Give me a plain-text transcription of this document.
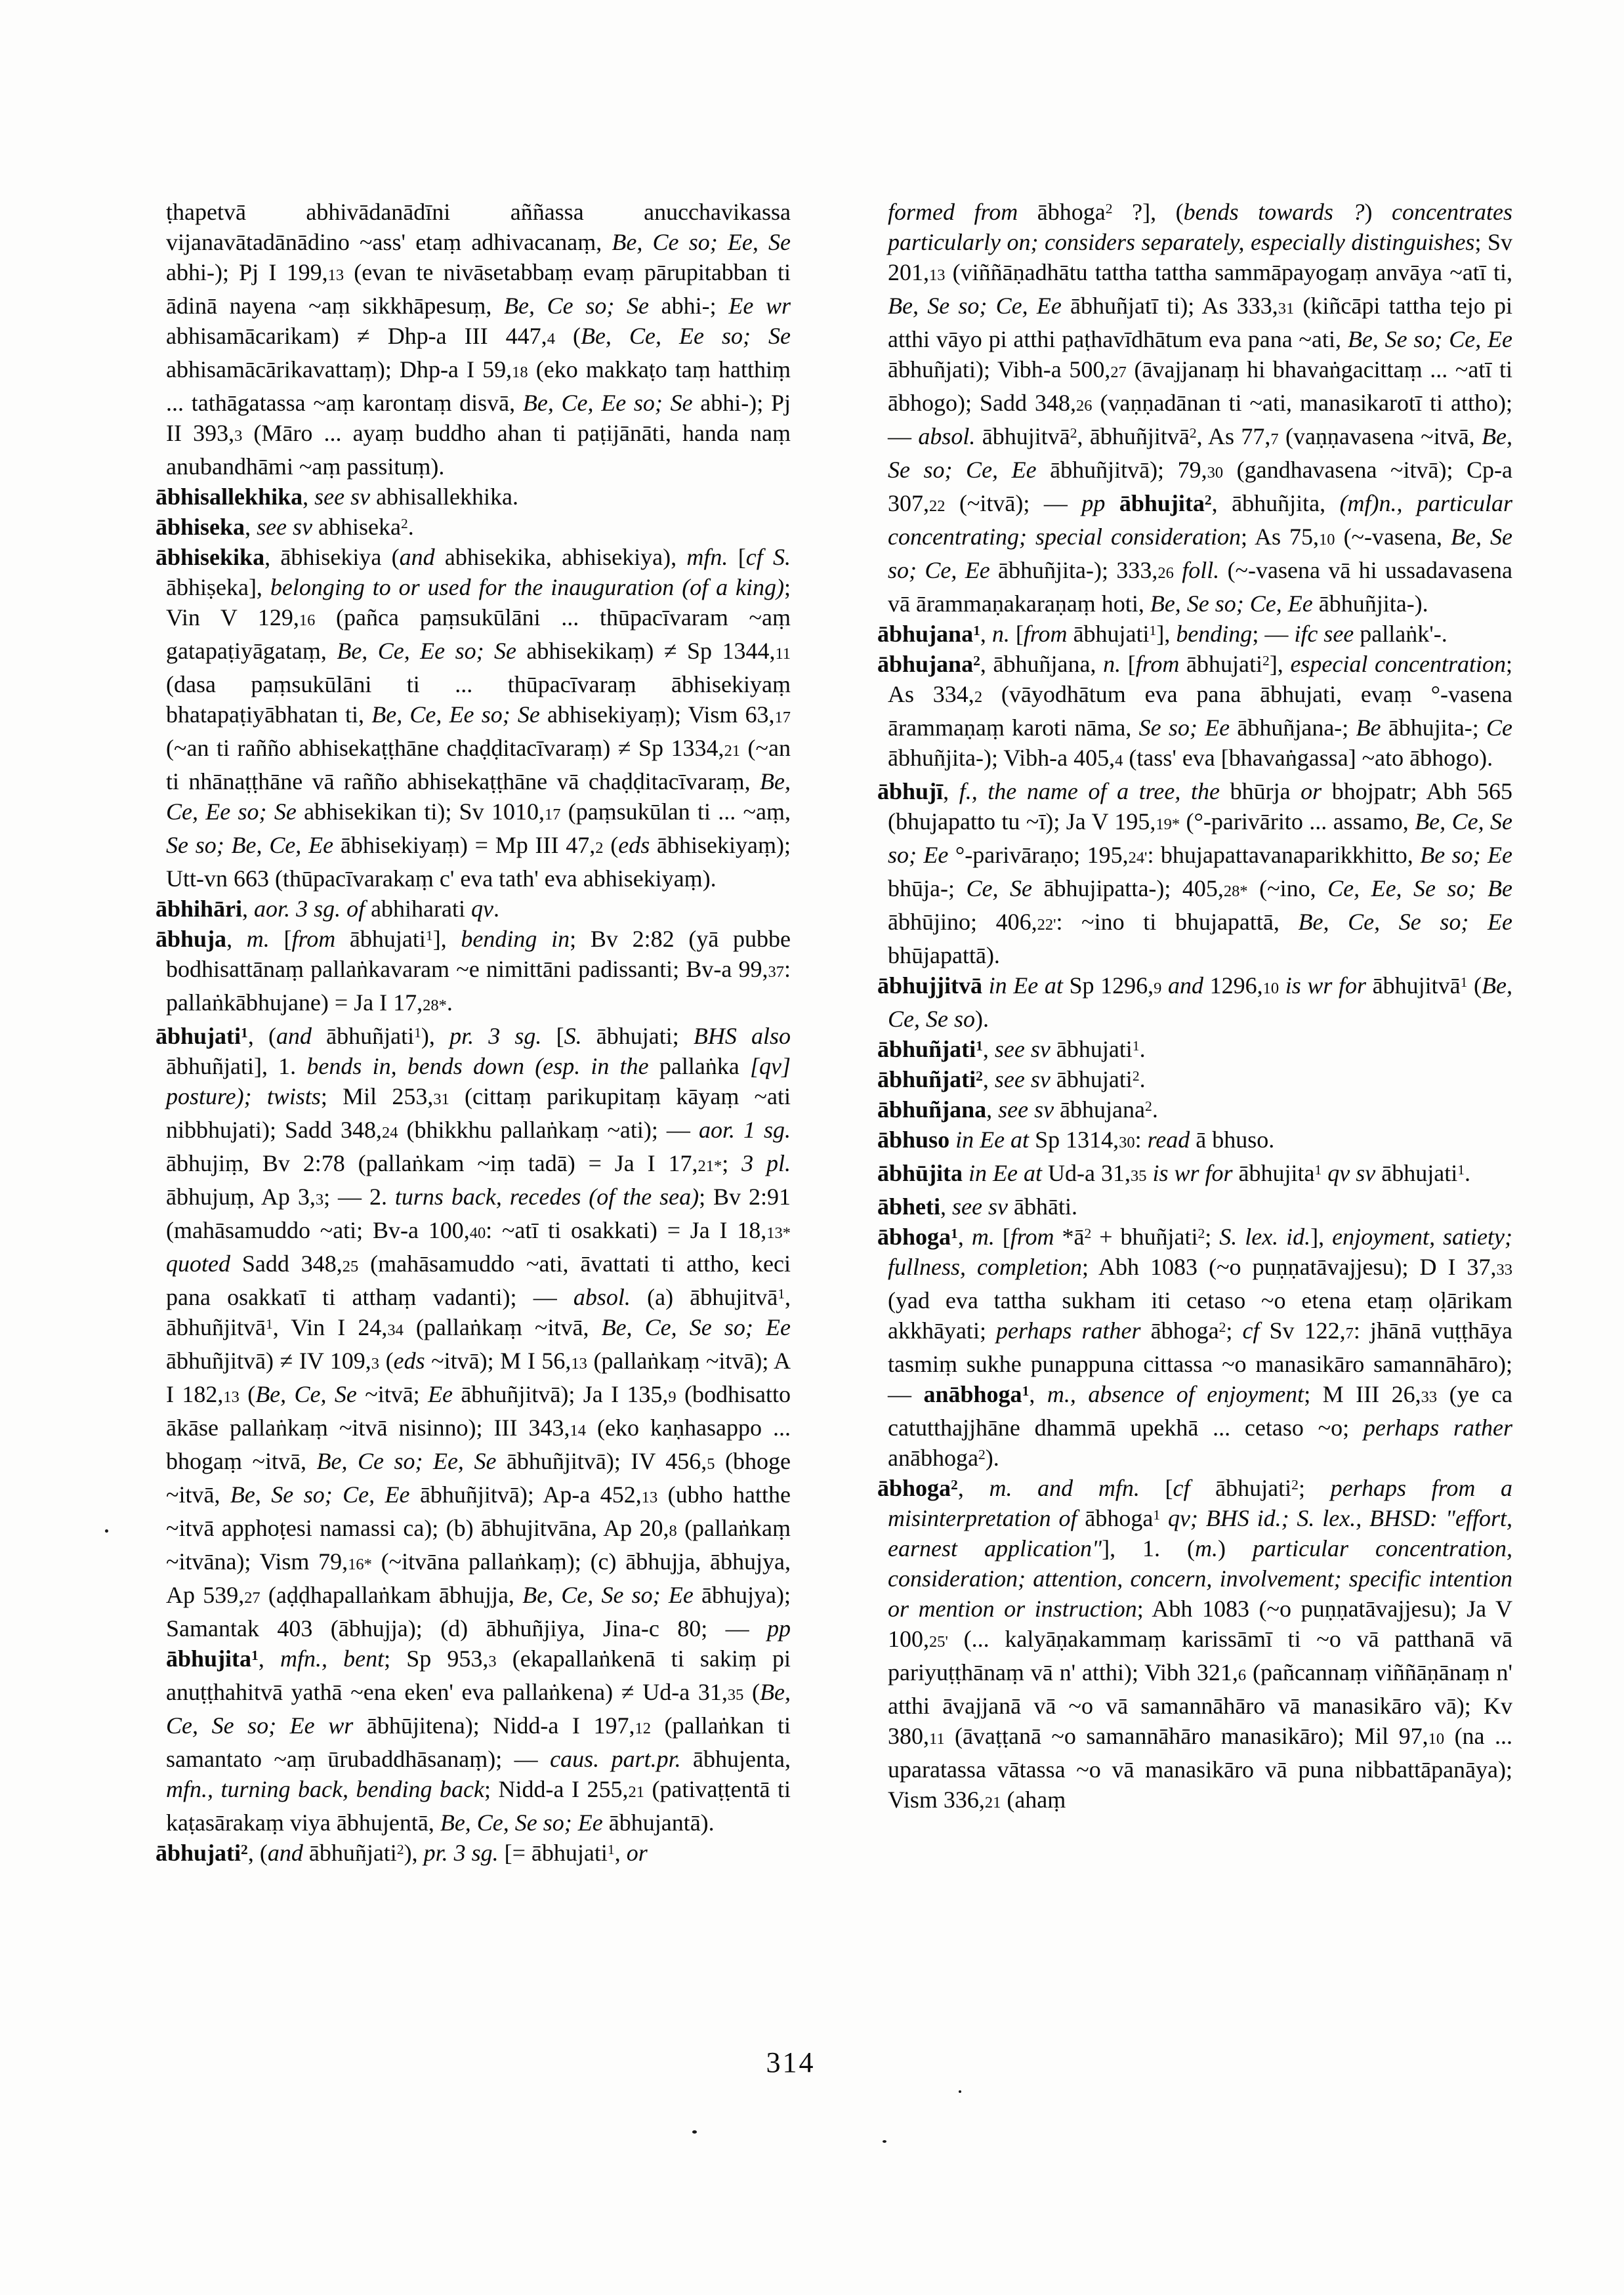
ṭhapetvā abhivādanādīni aññassa anucchavikassa vijanavātadānādino ~ass' etaṃ adhivacanaṃ, Be, Ce so; Ee, Se abhi-); Pj I 199,13 (evan te nivāsetabbaṃ evaṃ pārupitabban ti ādinā nayena ~aṃ sikkhāpesuṃ, Be, Ce so; Se abhi-; Ee wr abhisamācarikam) ≠ Dhp-a III 447,4 (Be, Ce, Ee so; Se abhisamācārikavattaṃ); Dhp-a I 59,18 (eko makkaṭo taṃ hatthiṃ ... tathāgatassa ~aṃ karontaṃ disvā, Be, Ce, Ee so; Se abhi-); Pj II 393,3 (Māro ... ayaṃ buddho ahan ti paṭijānāti, handa naṃ anubandhāmi ~aṃ passituṃ).

ābhisallekhika, see sv abhisallekhika.

ābhiseka, see sv abhiseka$^2$.

ābhisekika, ābhisekiya (and abhisekika, abhisekiya), mfn. [cf S. ābhiṣeka], belonging to or used for the inauguration (of a king); Vin V 129,16 (pañca paṃsukūlāni ... thūpacīvaram ~aṃ gatapaṭiyāgataṃ, Be, Ce, Ee so; Se abhisekikaṃ) ≠ Sp 1344,11 (dasa paṃsukūlāni ti ... thūpacīvaraṃ ābhisekiyaṃ bhatapaṭiyābhatan ti, Be, Ce, Ee so; Se abhisekiyaṃ); Vism 63,17 (~an ti rañño abhisekaṭṭhāne chaḍḍitacīvaraṃ) ≠ Sp 1334,21 (~an ti nhānaṭṭhāne vā rañño abhisekaṭṭhāne vā chaḍḍitacīvaraṃ, Be, Ce, Ee so; Se abhisekikan ti); Sv 1010,17 (paṃsukūlan ti ... ~aṃ, Se so; Be, Ce, Ee ābhisekiyaṃ) = Mp III 47,2 (eds ābhisekiyaṃ); Utt-vn 663 (thūpacīvarakaṃ c' eva tath' eva abhisekiyaṃ).

ābhihāri, aor. 3 sg. of abhiharati qv.

ābhuja, m. [from ābhujati$^1$], bending in; Bv 2:82 (yā pubbe bodhisattānaṃ pallaṅkavaram ~e nimittāni padissanti; Bv-a 99,37: pallaṅkābhujane) = Ja I 17,28*.

ābhujati$^1$, (and ābhuñjati$^1$), pr. 3 sg. [S. ābhujati; BHS also ābhuñjati], 1. bends in, bends down (esp. in the pallaṅka [qv] posture); twists; Mil 253,31 (cittaṃ parikupitaṃ kāyaṃ ~ati nibbhujati); Sadd 348,24 (bhikkhu pallaṅkaṃ ~ati); — aor. 1 sg. ābhujiṃ, Bv 2:78 (pallaṅkam ~iṃ tadā) = Ja I 17,21*; 3 pl. ābhujuṃ, Ap 3,3; — 2. turns back, recedes (of the sea); Bv 2:91 (mahāsamuddo ~ati; Bv-a 100,40: ~atī ti osakkati) = Ja I 18,13* quoted Sadd 348,25 (mahāsamuddo ~ati, āvattati ti attho, keci pana osakkatī ti atthaṃ vadanti); — absol. (a) ābhujitvā$^1$, ābhuñjitvā$^1$, Vin I 24,34 (pallaṅkaṃ ~itvā, Be, Ce, Se so; Ee ābhuñjitvā) ≠ IV 109,3 (eds ~itvā); M I 56,13 (pallaṅkaṃ ~itvā); A I 182,13 (Be, Ce, Se ~itvā; Ee ābhuñjitvā); Ja I 135,9 (bodhisatto ākāse pallaṅkaṃ ~itvā nisinno); III 343,14 (eko kaṇhasappo ... bhogaṃ ~itvā, Be, Ce so; Ee, Se ābhuñjitvā); IV 456,5 (bhoge ~itvā, Be, Se so; Ce, Ee ābhuñjitvā); Ap-a 452,13 (ubho hatthe ~itvā apphoṭesi namassi ca); (b) ābhujitvāna, Ap 20,8 (pallaṅkaṃ ~itvāna); Vism 79,16* (~itvāna pallaṅkaṃ); (c) ābhujja, ābhujya, Ap 539,27 (aḍḍhapallaṅkam ābhujja, Be, Ce, Se so; Ee ābhujya); Samantak 403 (ābhujja); (d) ābhuñjiya, Jina-c 80; — pp ābhujita$^1$, mfn., bent; Sp 953,3 (ekapallaṅkenā ti sakiṃ pi anuṭṭhahitvā yathā ~ena eken' eva pallaṅkena) ≠ Ud-a 31,35 (Be, Ce, Se so; Ee wr ābhūjitena); Nidd-a I 197,12 (pallaṅkan ti samantato ~aṃ ūrubaddhāsanaṃ); — caus. part.pr. ābhujenta, mfn., turning back, bending back; Nidd-a I 255,21 (pativaṭṭentā ti kaṭasārakaṃ viya ābhujentā, Be, Ce, Se so; Ee ābhujantā).

ābhujati$^2$, (and ābhuñjati$^2$), pr. 3 sg. [= ābhujati$^1$, or

formed from ābhoga$^2$ ?], (bends towards ?) concentrates particularly on; considers separately, especially distinguishes; Sv 201,13 (viññāṇadhātu tattha tattha sammāpayogaṃ anvāya ~atī ti, Be, Se so; Ce, Ee ābhuñjatī ti); As 333,31 (kiñcāpi tattha tejo pi atthi vāyo pi atthi paṭhavīdhātum eva pana ~ati, Be, Se so; Ce, Ee ābhuñjati); Vibh-a 500,27 (āvajjanaṃ hi bhavaṅgacittaṃ ... ~atī ti ābhogo); Sadd 348,26 (vaṇṇadānan ti ~ati, manasikarotī ti attho); — absol. ābhujitvā$^2$, ābhuñjitvā$^2$, As 77,7 (vaṇṇavasena ~itvā, Be, Se so; Ce, Ee ābhuñjitvā); 79,30 (gandhavasena ~itvā); Cp-a 307,22 (~itvā); — pp ābhujita$^2$, ābhuñjita, (mf)n., particular concentrating; special consideration; As 75,10 (~-vasena, Be, Se so; Ce, Ee ābhuñjita-); 333,26 foll. (~-vasena vā hi ussadavasena vā ārammaṇakaraṇaṃ hoti, Be, Se so; Ce, Ee ābhuñjita-).

ābhujana$^1$, n. [from ābhujati$^1$], bending; — ifc see pallaṅk'-.

ābhujana$^2$, ābhuñjana, n. [from ābhujati$^2$], especial concentration; As 334,2 (vāyodhātum eva pana ābhujati, evaṃ °-vasena ārammaṇaṃ karoti nāma, Se so; Ee ābhuñjana-; Be ābhujita-; Ce ābhuñjita-); Vibh-a 405,4 (tass' eva [bhavaṅgassa] ~ato ābhogo).

ābhujī, f., the name of a tree, the bhūrja or bhojpatr; Abh 565 (bhujapatto tu ~ī); Ja V 195,19* (°-parivārito ... assamo, Be, Ce, Se so; Ee °-parivāraṇo; 195,24': bhujapattavanaparikkhitto, Be so; Ee bhūja-; Ce, Se ābhujipatta-); 405,28* (~ino, Ce, Ee, Se so; Be ābhūjino; 406,22': ~ino ti bhujapattā, Be, Ce, Se so; Ee bhūjapattā).

ābhujjitvā in Ee at Sp 1296,9 and 1296,10 is wr for ābhujitvā$^1$ (Be, Ce, Se so).

ābhuñjati$^1$, see sv ābhujati$^1$.

ābhuñjati$^2$, see sv ābhujati$^2$.

ābhuñjana, see sv ābhujana$^2$.

ābhuso in Ee at Sp 1314,30: read ā bhuso.

ābhūjita in Ee at Ud-a 31,35 is wr for ābhujita$^1$ qv sv ābhujati$^1$.

ābheti, see sv ābhāti.

ābhoga$^1$, m. [from $*ā^2$ + bhuñjati$^2$; S. lex. id.], enjoyment, satiety; fullness, completion; Abh 1083 (~o puṇṇatāvajjesu); D I 37,33 (yad eva tattha sukham iti cetaso ~o etena etaṃ oḷārikam akkhāyati; perhaps rather ābhoga$^2$; cf Sv 122,7: jhānā vuṭṭhāya tasmiṃ sukhe punappuna cittassa ~o manasikāro samannāhāro); — anābhoga$^1$, m., absence of enjoyment; M III 26,33 (ye ca catutthajjhāne dhammā upekhā ... cetaso ~o; perhaps rather anābhoga$^2$).

ābhoga$^2$, m. and mfn. [cf ābhujati$^2$; perhaps from a misinterpretation of ābhoga$^1$ qv; BHS id.; S. lex., BHSD: "effort, earnest application"], 1. (m.) particular concentration, consideration; attention, concern, involvement; specific intention or mention or instruction; Abh 1083 (~o puṇṇatāvajjesu); Ja V 100,25' (... kalyāṇakammaṃ karissāmī ti ~o vā patthanā vā pariyuṭṭhānaṃ vā n' atthi); Vibh 321,6 (pañcannaṃ viññāṇānaṃ n' atthi āvajjanā vā ~o vā samannāhāro vā manasikāro vā); Kv 380,11 (āvaṭṭanā ~o samannāhāro manasikāro); Mil 97,10 (na ... uparatassa vātassa ~o vā manasikāro vā puna nibbattāpanāya); Vism 336,21 (ahaṃ

314
